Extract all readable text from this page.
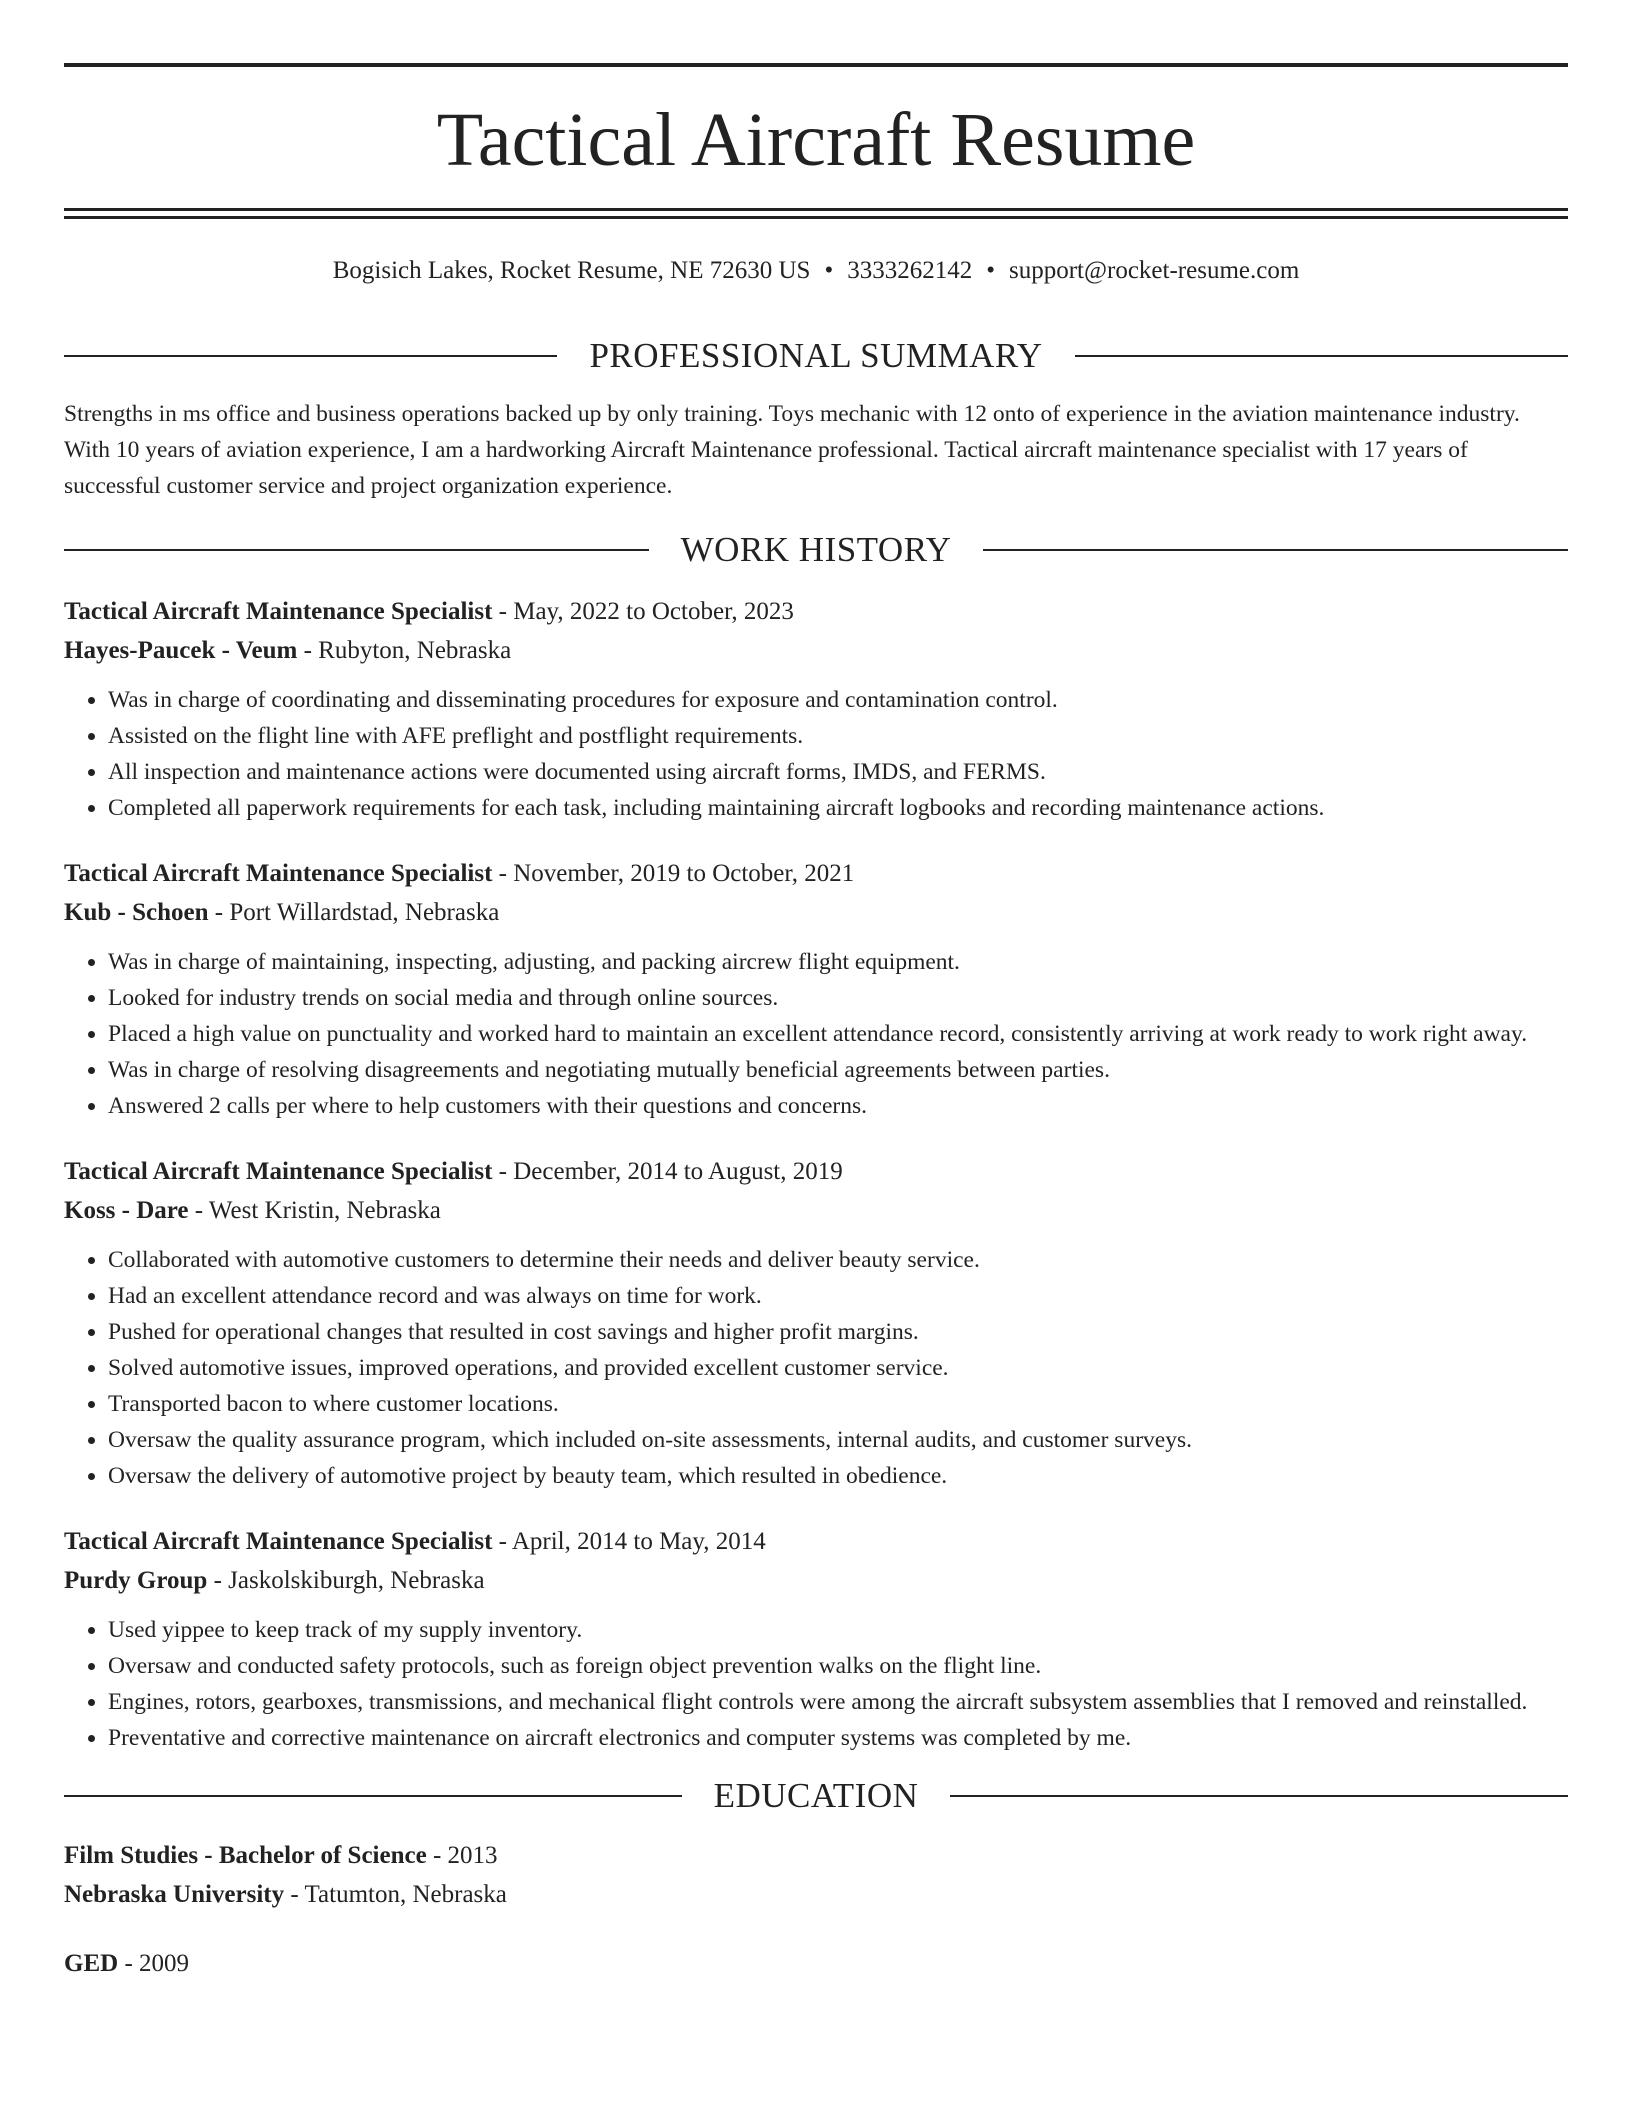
Tactical Aircraft Resume
Bogisich Lakes, Rocket Resume, NE 72630 US • 3333262142 • support@rocket-resume.com
PROFESSIONAL SUMMARY

Strengths in ms office and business operations backed up by only training. Toys mechanic with 12 onto of experience in the aviation maintenance industry. With 10 years of aviation experience, I am a hardworking Aircraft Maintenance professional. Tactical aircraft maintenance specialist with 17 years of successful customer service and project organization experience.

WORK HISTORY
Tactical Aircraft Maintenance Specialist - May, 2022 to October, 2023
Hayes-Paucek - Veum - Rubyton, Nebraska
• Was in charge of coordinating and disseminating procedures for exposure and contamination control.
• Assisted on the flight line with AFE preflight and postflight requirements.
• All inspection and maintenance actions were documented using aircraft forms, IMDS, and FERMS.
• Completed all paperwork requirements for each task, including maintaining aircraft logbooks and recording maintenance actions.
Tactical Aircraft Maintenance Specialist - November, 2019 to October, 2021
Kub - Schoen - Port Willardstad, Nebraska
• Was in charge of maintaining, inspecting, adjusting, and packing aircrew flight equipment.
• Looked for industry trends on social media and through online sources.
• Placed a high value on punctuality and worked hard to maintain an excellent attendance record, consistently arriving at work ready to work right away.
• Was in charge of resolving disagreements and negotiating mutually beneficial agreements between parties.
• Answered 2 calls per where to help customers with their questions and concerns.
Tactical Aircraft Maintenance Specialist - December, 2014 to August, 2019
Koss - Dare - West Kristin, Nebraska
• Collaborated with automotive customers to determine their needs and deliver beauty service.
• Had an excellent attendance record and was always on time for work.
• Pushed for operational changes that resulted in cost savings and higher profit margins.
• Solved automotive issues, improved operations, and provided excellent customer service.
• Transported bacon to where customer locations.
• Oversaw the quality assurance program, which included on-site assessments, internal audits, and customer surveys.
• Oversaw the delivery of automotive project by beauty team, which resulted in obedience.
Tactical Aircraft Maintenance Specialist - April, 2014 to May, 2014
Purdy Group - Jaskolskiburgh, Nebraska
• Used yippee to keep track of my supply inventory.
• Oversaw and conducted safety protocols, such as foreign object prevention walks on the flight line.
• Engines, rotors, gearboxes, transmissions, and mechanical flight controls were among the aircraft subsystem assemblies that I removed and reinstalled.
• Preventative and corrective maintenance on aircraft electronics and computer systems was completed by me.
EDUCATION
Film Studies - Bachelor of Science - 2013
Nebraska University - Tatumton, Nebraska
GED - 2009
